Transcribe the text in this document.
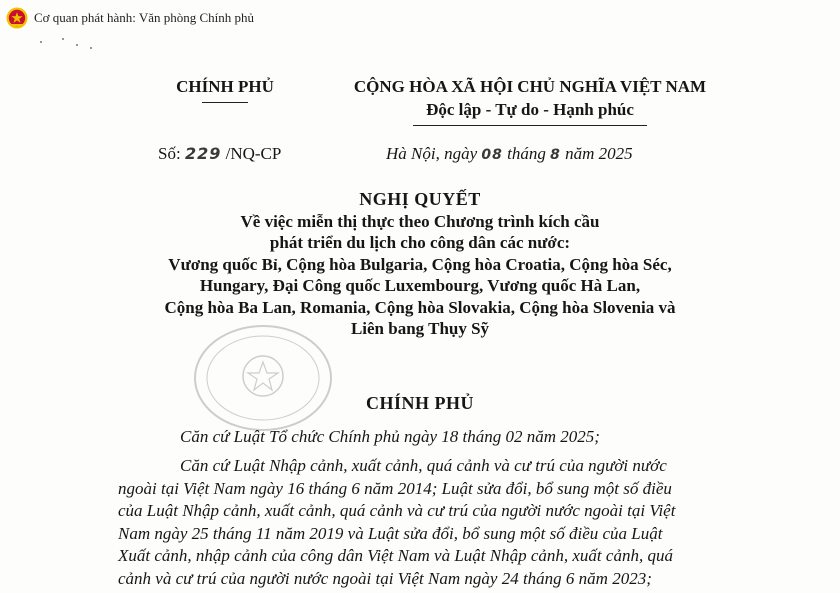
Cơ quan phát hành: Văn phòng Chính phủ
CHÍNH PHỦ	CỘNG HÒA XÃ HỘI CHỦ NGHĨA VIỆT NAM
Độc lập - Tự do - Hạnh phúc
Số: 229 /NQ-CP	Hà Nội, ngày 08 tháng 8 năm 2025
NGHỊ QUYẾT
Về việc miễn thị thực theo Chương trình kích cầu
phát triển du lịch cho công dân các nước:
Vương quốc Bỉ, Cộng hòa Bulgaria, Cộng hòa Croatia, Cộng hòa Séc,
Hungary, Đại Công quốc Luxembourg, Vương quốc Hà Lan,
Cộng hòa Ba Lan, Romania, Cộng hòa Slovakia, Cộng hòa Slovenia và
Liên bang Thụy Sỹ
CHÍNH PHỦ

Căn cứ Luật Tổ chức Chính phủ ngày 18 tháng 02 năm 2025;

Căn cứ Luật Nhập cảnh, xuất cảnh, quá cảnh và cư trú của người nước
ngoài tại Việt Nam ngày 16 tháng 6 năm 2014; Luật sửa đổi, bổ sung một số điều
của Luật Nhập cảnh, xuất cảnh, quá cảnh và cư trú của người nước ngoài tại Việt
Nam ngày 25 tháng 11 năm 2019 và Luật sửa đổi, bổ sung một số điều của Luật
Xuất cảnh, nhập cảnh của công dân Việt Nam và Luật Nhập cảnh, xuất cảnh, quá
cảnh và cư trú của người nước ngoài tại Việt Nam ngày 24 tháng 6 năm 2023;
